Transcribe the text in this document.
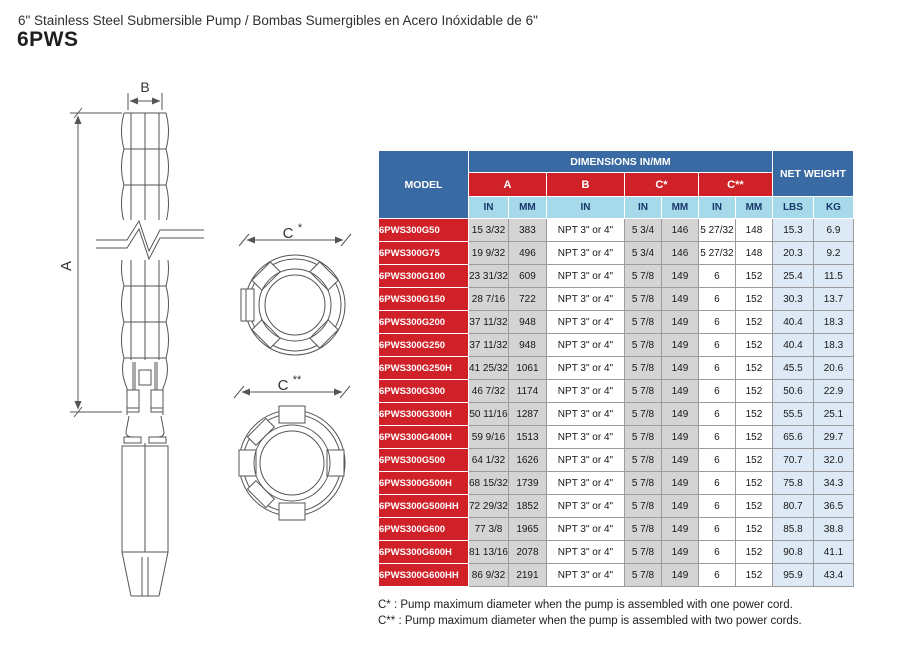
6" Stainless Steel Submersible Pump / Bombas Sumergibles en Acero Inóxidable de 6"
6PWS
A
B
C *
C **
MODEL	DIMENSIONS IN/MM							NET WEIGHT	
	A		B	C*		C**			
	IN	MM	IN	IN	MM	IN	MM	LBS	KG
6PWS300G50	15 3/32	383	NPT 3" or 4"	5 3/4	146	5 27/32	148	15.3	6.9
6PWS300G75	19 9/32	496	NPT 3" or 4"	5 3/4	146	5 27/32	148	20.3	9.2
6PWS300G100	23 31/32	609	NPT 3" or 4"	5 7/8	149	6	152	25.4	11.5
6PWS300G150	28 7/16	722	NPT 3" or 4"	5 7/8	149	6	152	30.3	13.7
6PWS300G200	37 11/32	948	NPT 3" or 4"	5 7/8	149	6	152	40.4	18.3
6PWS300G250	37 11/32	948	NPT 3" or 4"	5 7/8	149	6	152	40.4	18.3
6PWS300G250H	41 25/32	1061	NPT 3" or 4"	5 7/8	149	6	152	45.5	20.6
6PWS300G300	46 7/32	1174	NPT 3" or 4"	5 7/8	149	6	152	50.6	22.9
6PWS300G300H	50 11/16	1287	NPT 3" or 4"	5 7/8	149	6	152	55.5	25.1
6PWS300G400H	59 9/16	1513	NPT 3" or 4"	5 7/8	149	6	152	65.6	29.7
6PWS300G500	64 1/32	1626	NPT 3" or 4"	5 7/8	149	6	152	70.7	32.0
6PWS300G500H	68 15/32	1739	NPT 3" or 4"	5 7/8	149	6	152	75.8	34.3
6PWS300G500HH	72 29/32	1852	NPT 3" or 4"	5 7/8	149	6	152	80.7	36.5
6PWS300G600	77 3/8	1965	NPT 3" or 4"	5 7/8	149	6	152	85.8	38.8
6PWS300G600H	81 13/16	2078	NPT 3" or 4"	5 7/8	149	6	152	90.8	41.1
6PWS300G600HH	86 9/32	2191	NPT 3" or 4"	5 7/8	149	6	152	95.9	43.4
C* : Pump maximum diameter when the pump is assembled with one power cord.
C** : Pump maximum diameter when the pump is assembled with two power cords.
